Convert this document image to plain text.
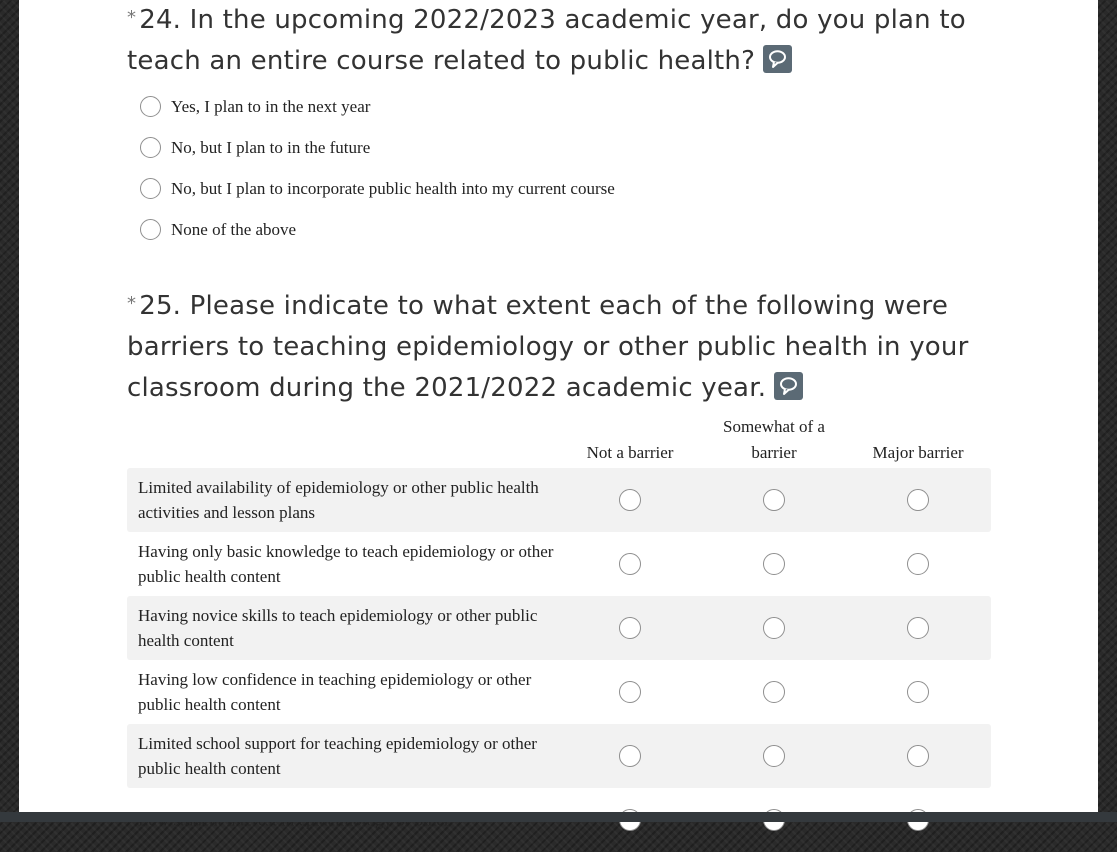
* 24. In the upcoming 2022/2023 academic year, do you plan to teach an entire course related to public health?
Yes, I plan to in the next year
No, but I plan to in the future
No, but I plan to incorporate public health into my current course
None of the above
* 25. Please indicate to what extent each of the following were barriers to teaching epidemiology or other public health in your classroom during the 2021/2022 academic year.
Not a barrier
Somewhat of a barrier	Major barrier
Limited availability of epidemiology or other public health activities and lesson plans
Having only basic knowledge to teach epidemiology or other public health content
Having novice skills to teach epidemiology or other public health content
Having low confidence in teaching epidemiology or other public health content
Limited school support for teaching epidemiology or other public health content
